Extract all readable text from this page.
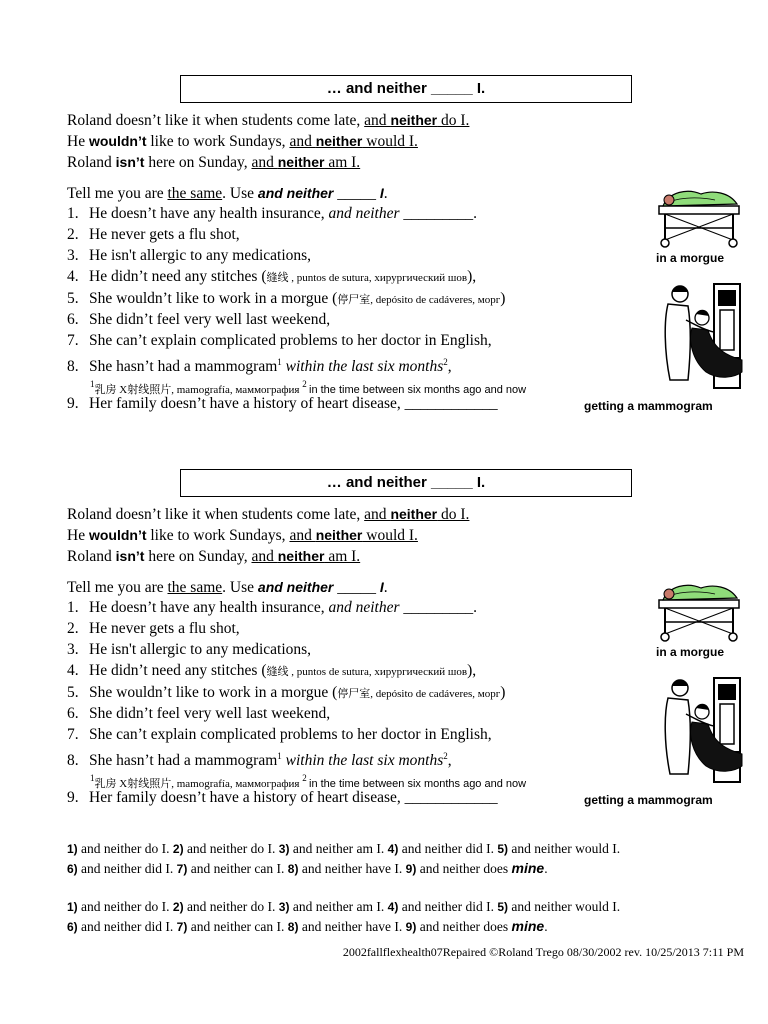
… and neither _____ I.
Roland doesn’t like it when students come late, and neither do I.
He wouldn’t like to work Sundays, and neither would I.
Roland isn’t here on Sunday, and neither am I.
Tell me you are the same. Use and neither _____ I.
1. He doesn’t have any health insurance, and neither _________.
2. He never gets a flu shot,
3. He isn't allergic to any medications,
4. He didn’t need any stitches (缝线 , puntos de sutura, хирургический шов),
5. She wouldn’t like to work in a morgue (停尸室, depósito de cadáveres, морг)
6. She didn’t feel very well last weekend,
7. She can’t explain complicated problems to her doctor in English,
8. She hasn’t had a mammogram$^1$ within the last six months$^2$,
9. Her family doesn’t have a history of heart disease, ____________
$^1$乳房 X射线照片, mamografía, маммография $^2$ in the time between six months ago and now
in a morgue
getting a mammogram
… and neither _____ I.
Roland doesn’t like it when students come late, and neither do I.
He wouldn’t like to work Sundays, and neither would I.
Roland isn’t here on Sunday, and neither am I.
Tell me you are the same. Use and neither _____ I.
1. He doesn’t have any health insurance, and neither _________.
2. He never gets a flu shot,
3. He isn't allergic to any medications,
4. He didn’t need any stitches (缝线 , puntos de sutura, хирургический шов),
5. She wouldn’t like to work in a morgue (停尸室, depósito de cadáveres, морг)
6. She didn’t feel very well last weekend,
7. She can’t explain complicated problems to her doctor in English,
8. She hasn’t had a mammogram$^1$ within the last six months$^2$,
9. Her family doesn’t have a history of heart disease, ____________
$^1$乳房 X射线照片, mamografía, маммография $^2$ in the time between six months ago and now
in a morgue
getting a mammogram
1) and neither do I. 2) and neither do I. 3) and neither am I. 4) and neither did I. 5) and neither would I.
6) and neither did I. 7) and neither can I. 8) and neither have I. 9) and neither does mine.
1) and neither do I. 2) and neither do I. 3) and neither am I. 4) and neither did I. 5) and neither would I.
6) and neither did I. 7) and neither can I. 8) and neither have I. 9) and neither does mine.
2002fallflexhealth07Repaired ©Roland Trego 08/30/2002 rev. 10/25/2013 7:11 PM
